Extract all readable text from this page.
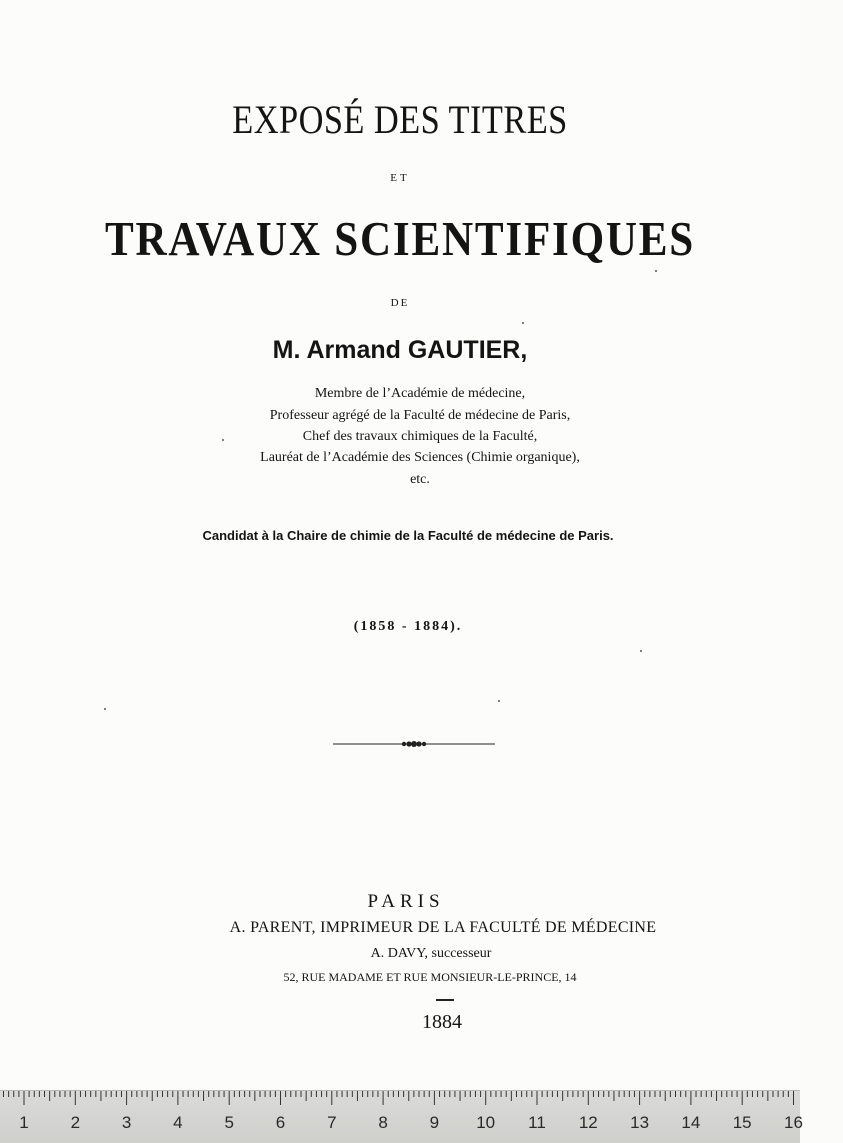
EXPOSÉ DES TITRES
ET
TRAVAUX SCIENTIFIQUES
DE
M. Armand GAUTIER,
Membre de l’Académie de médecine,
Professeur agrégé de la Faculté de médecine de Paris,
Chef des travaux chimiques de la Faculté,
Lauréat de l’Académie des Sciences (Chimie organique),
etc.
Candidat à la Chaire de chimie de la Faculté de médecine de Paris.
(1858 - 1884).
PARIS
A. PARENT, IMPRIMEUR DE LA FACULTÉ DE MÉDECINE
A. DAVY, successeur
52, RUE MADAME ET RUE MONSIEUR-LE-PRINCE, 14
1884
1	2	3	4	5	6	7	8	9	10 11 12 13 14 15 16
